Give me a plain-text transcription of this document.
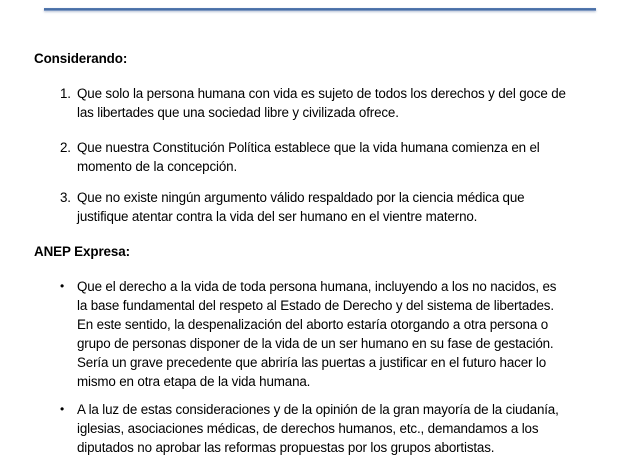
Considerando:
1. Que solo la persona humana con vida es sujeto de todos los derechos y del goce de
las libertades que una sociedad libre y civilizada ofrece.
2. Que nuestra Constitución Política establece que la vida humana comienza en el
momento de la concepción.
3. Que no existe ningún argumento válido respaldado por la ciencia médica que
justifique atentar contra la vida del ser humano en el vientre materno.
ANEP Expresa:
• Que el derecho a la vida de toda persona humana, incluyendo a los no nacidos, es
la base fundamental del respeto al Estado de Derecho y del sistema de libertades.
En este sentido, la despenalización del aborto estaría otorgando a otra persona o
grupo de personas disponer de la vida de un ser humano en su fase de gestación.
Sería un grave precedente que abriría las puertas a justificar en el futuro hacer lo
mismo en otra etapa de la vida humana.
• A la luz de estas consideraciones y de la opinión de la gran mayoría de la ciudanía,
iglesias, asociaciones médicas, de derechos humanos, etc., demandamos a los
diputados no aprobar las reformas propuestas por los grupos abortistas.
